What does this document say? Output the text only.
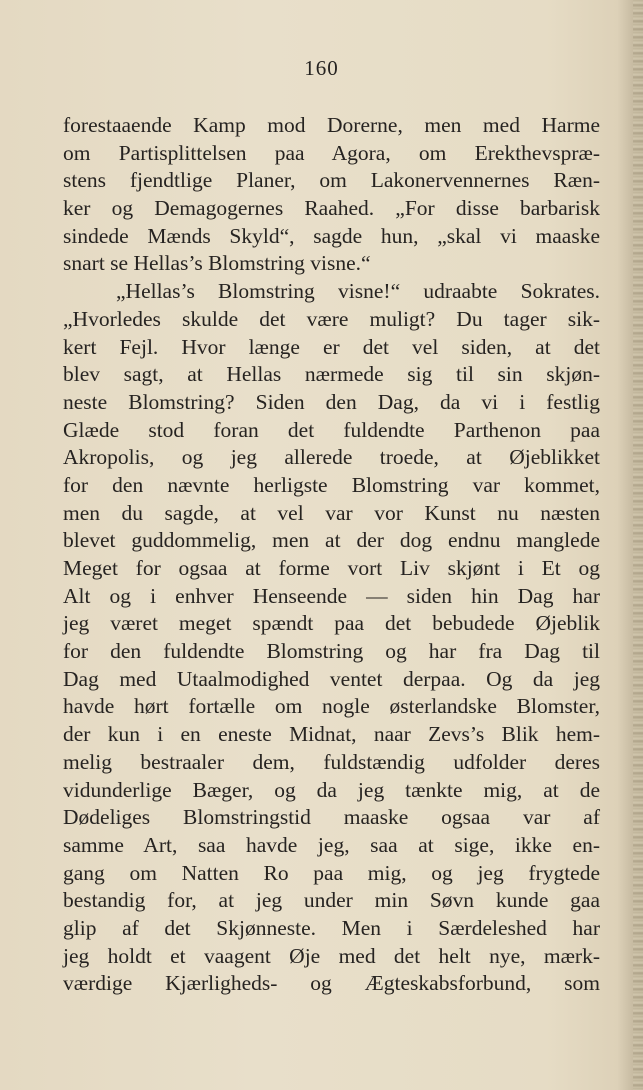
160
forestaaende Kamp mod Dorerne, men med Harme
om Partisplittelsen paa Agora, om Erekthevspræ-
stens fjendtlige Planer, om Lakonervennernes Ræn-
ker og Demagogernes Raahed. „For disse barbarisk
sindede Mænds Skyld“, sagde hun, „skal vi maaske
snart se Hellas’s Blomstring visne.“
„Hellas’s Blomstring visne!“ udraabte Sokrates.
„Hvorledes skulde det være muligt? Du tager sik-
kert Fejl. Hvor længe er det vel siden, at det
blev sagt, at Hellas nærmede sig til sin skjøn-
neste Blomstring? Siden den Dag, da vi i festlig
Glæde stod foran det fuldendte Parthenon paa
Akropolis, og jeg allerede troede, at Øjeblikket
for den nævnte herligste Blomstring var kommet,
men du sagde, at vel var vor Kunst nu næsten
blevet guddommelig, men at der dog endnu manglede
Meget for ogsaa at forme vort Liv skjønt i Et og
Alt og i enhver Henseende — siden hin Dag har
jeg været meget spændt paa det bebudede Øjeblik
for den fuldendte Blomstring og har fra Dag til
Dag med Utaalmodighed ventet derpaa. Og da jeg
havde hørt fortælle om nogle østerlandske Blomster,
der kun i en eneste Midnat, naar Zevs’s Blik hem-
melig bestraaler dem, fuldstændig udfolder deres
vidunderlige Bæger, og da jeg tænkte mig, at de
Dødeliges Blomstringstid maaske ogsaa var af
samme Art, saa havde jeg, saa at sige, ikke en-
gang om Natten Ro paa mig, og jeg frygtede
bestandig for, at jeg under min Søvn kunde gaa
glip af det Skjønneste. Men i Særdeleshed har
jeg holdt et vaagent Øje med det helt nye, mærk-
værdige Kjærligheds- og Ægteskabsforbund, som
